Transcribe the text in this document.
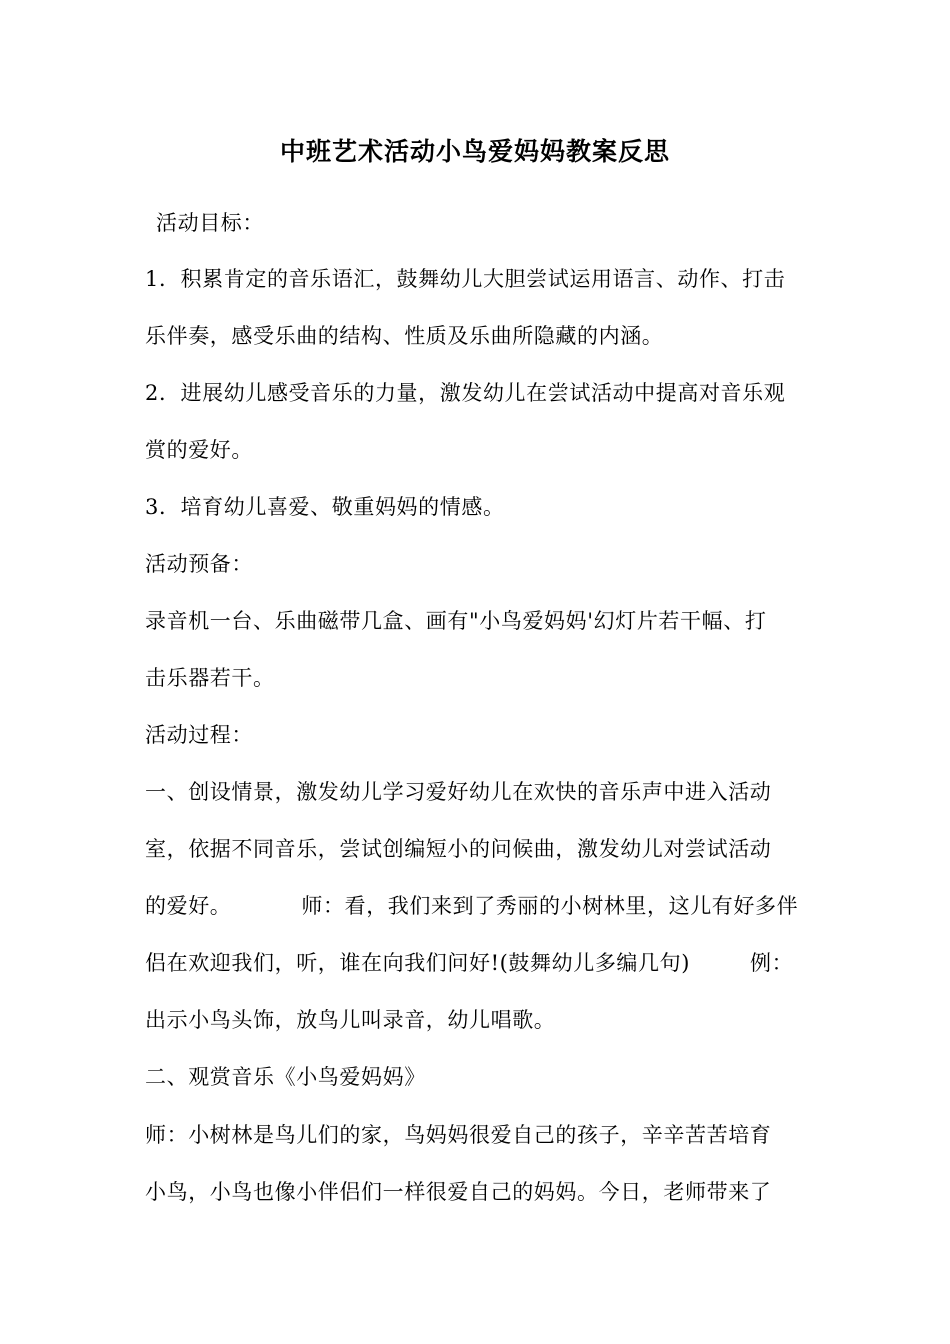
中班艺术活动小鸟爱妈妈教案反思

活动目标：

1．积累肯定的音乐语汇，鼓舞幼儿大胆尝试运用语言、动作、打击

乐伴奏，感受乐曲的结构、性质及乐曲所隐藏的内涵。

2．进展幼儿感受音乐的力量，激发幼儿在尝试活动中提高对音乐观

赏的爱好。

3．培育幼儿喜爱、敬重妈妈的情感。

活动预备：

录音机一台、乐曲磁带几盒、画有"小鸟爱妈妈'幻灯片若干幅、打

击乐器若干。

活动过程：

一、创设情景，激发幼儿学习爱好幼儿在欢快的音乐声中进入活动

室，依据不同音乐，尝试创编短小的问候曲，激发幼儿对尝试活动

的爱好。	师：看，我们来到了秀丽的小树林里，这儿有好多伴

侣在欢迎我们，听，谁在向我们问好!(鼓舞幼儿多编几句)	例：

出示小鸟头饰，放鸟儿叫录音，幼儿唱歌。

二、观赏音乐《小鸟爱妈妈》

师：小树林是鸟儿们的家，鸟妈妈很爱自己的孩子，辛辛苦苦培育

小鸟，小鸟也像小伴侣们一样很爱自己的妈妈。今日，老师带来了
